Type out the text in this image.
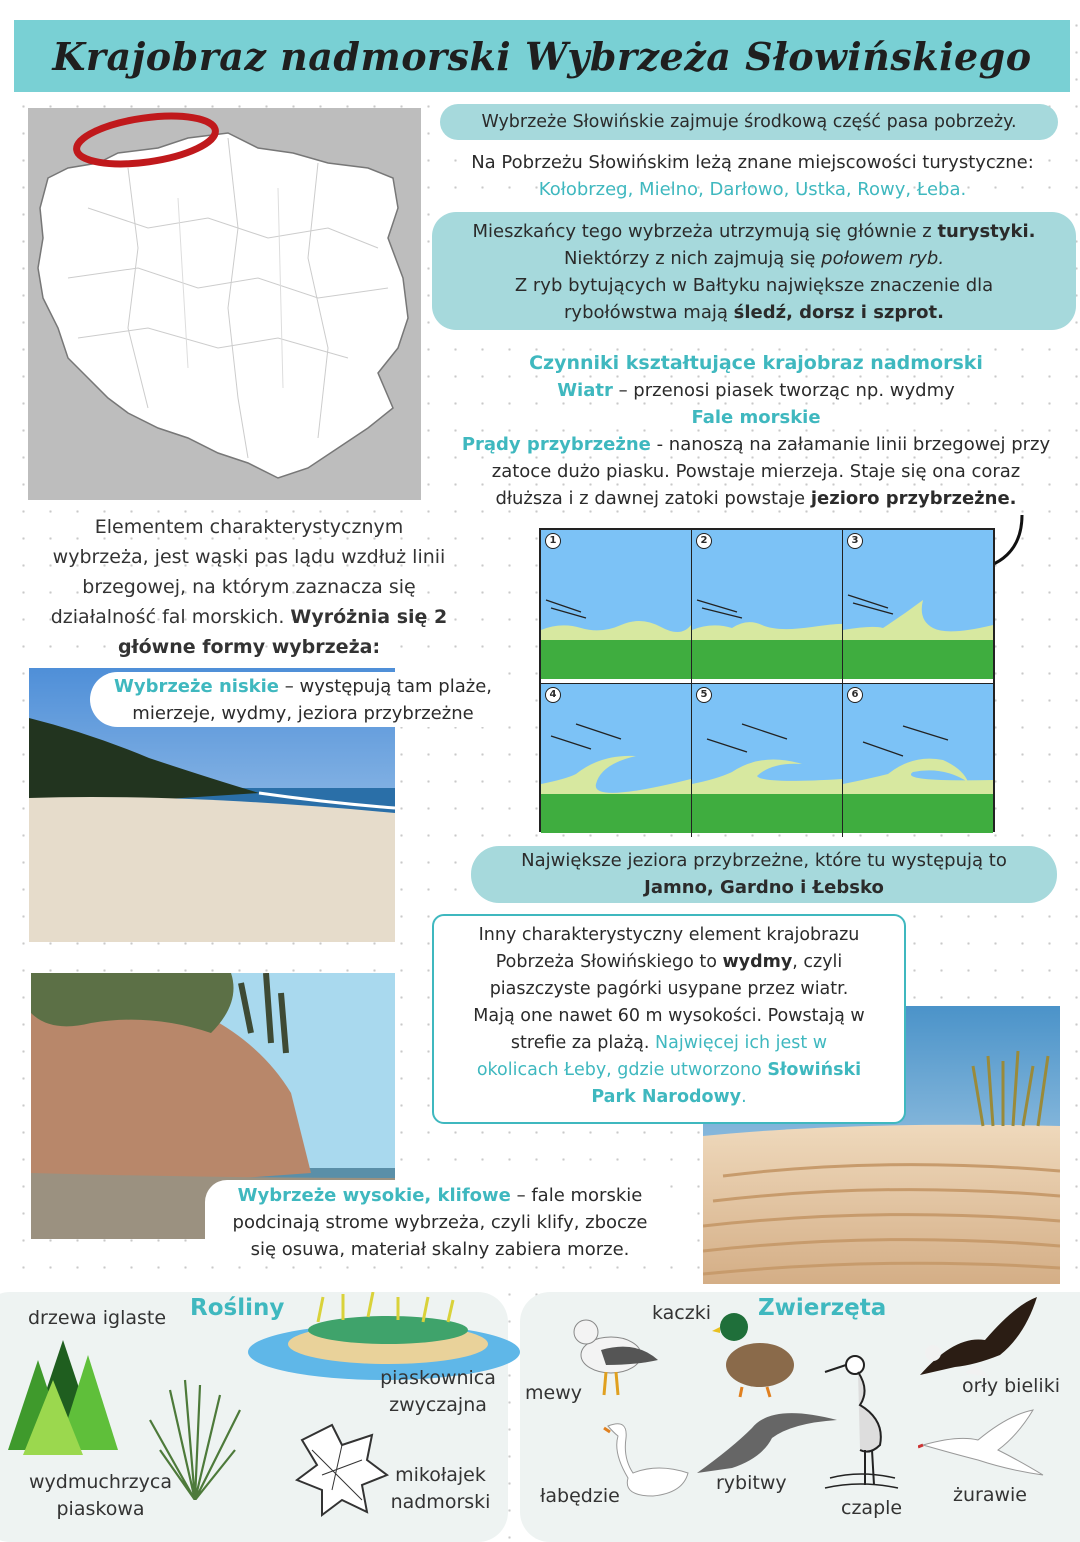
Krajobraz nadmorski Wybrzeża Słowińskiego
Wybrzeże Słowińskie zajmuje środkową część pasa pobrzeży.
Na Pobrzeżu Słowińskim leżą znane miejscowości turystyczne:
Kołobrzeg, Mielno, Darłowo, Ustka, Rowy, Łeba.
Mieszkańcy tego wybrzeża utrzymują się głównie z turystyki.
Niektórzy z nich zajmują się połowem ryb.
Z ryb bytujących w Bałtyku największe znaczenie dla
rybołówstwa mają śledź, dorsz i szprot.
Czynniki kształtujące krajobraz nadmorski
Wiatr – przenosi piasek tworząc np. wydmy
Fale morskie
Prądy przybrzeżne - nanoszą na załamanie linii brzegowej przy
zatoce dużo piasku. Powstaje mierzeja. Staje się ona coraz
dłuższa i z dawnej zatoki powstaje jezioro przybrzeżne.
Elementem charakterystycznym
wybrzeża, jest wąski pas lądu wzdłuż linii
brzegowej, na którym zaznacza się
działalność fal morskich. Wyróżnia się 2
główne formy wybrzeża:
1	2	3
4	5	6
Wybrzeże niskie – występują tam plaże,
mierzeje, wydmy, jeziora przybrzeżne
Największe jeziora przybrzeżne, które tu występują to
Jamno, Gardno i Łebsko
Inny charakterystyczny element krajobrazu
Pobrzeża Słowińskiego to wydmy, czyli
piaszczyste pagórki usypane przez wiatr.
Mają one nawet 60 m wysokości. Powstają w
strefie za plażą. Najwięcej ich jest w
okolicach Łeby, gdzie utworzono Słowiński
Park Narodowy.
Wybrzeże wysokie, klifowe – fale morskie
podcinają strome wybrzeża, czyli klify, zbocze
się osuwa, materiał skalny zabiera morze.
Rośliny
drzewa iglaste
wydmuchrzyca
piaskowa
piaskownica
zwyczajna
mikołajek
nadmorski
Zwierzęta
kaczki
mewy	orły bieliki
łabędzie
rybitwy
czaple
żurawie
